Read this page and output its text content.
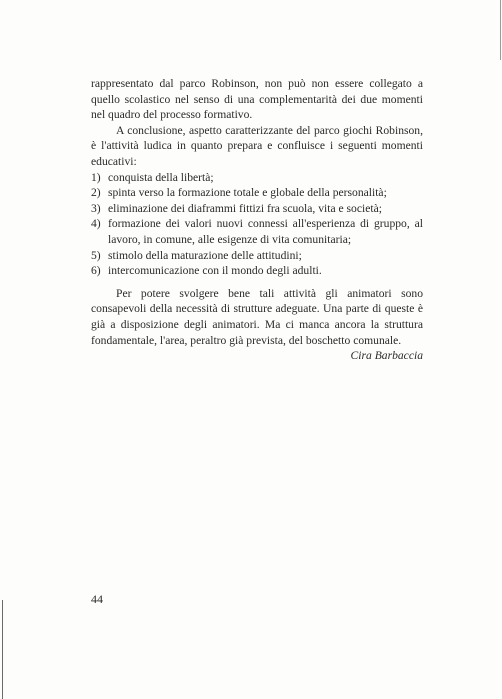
rappresentato dal parco Robinson, non può non essere collegato a quello scolastico nel senso di una complementarità dei due momenti nel quadro del processo formativo.

A conclusione, aspetto caratterizzante del parco giochi Robinson, è l'attività ludica in quanto prepara e confluisce i seguenti momenti educativi:

1) conquista della libertà;
2) spinta verso la formazione totale e globale della personalità;
3) eliminazione dei diaframmi fittizi fra scuola, vita e società;
4) formazione dei valori nuovi connessi all'esperienza di gruppo, al lavoro, in comune, alle esigenze di vita comunitaria;
5) stimolo della maturazione delle attitudini;
6) intercomunicazione con il mondo degli adulti.

Per potere svolgere bene tali attività gli animatori sono consapevoli della necessità di strutture adeguate. Una parte di queste è già a disposizione degli animatori. Ma ci manca ancora la struttura fondamentale, l'area, peraltro già prevista, del boschetto comunale.

Cira Barbaccia

44
